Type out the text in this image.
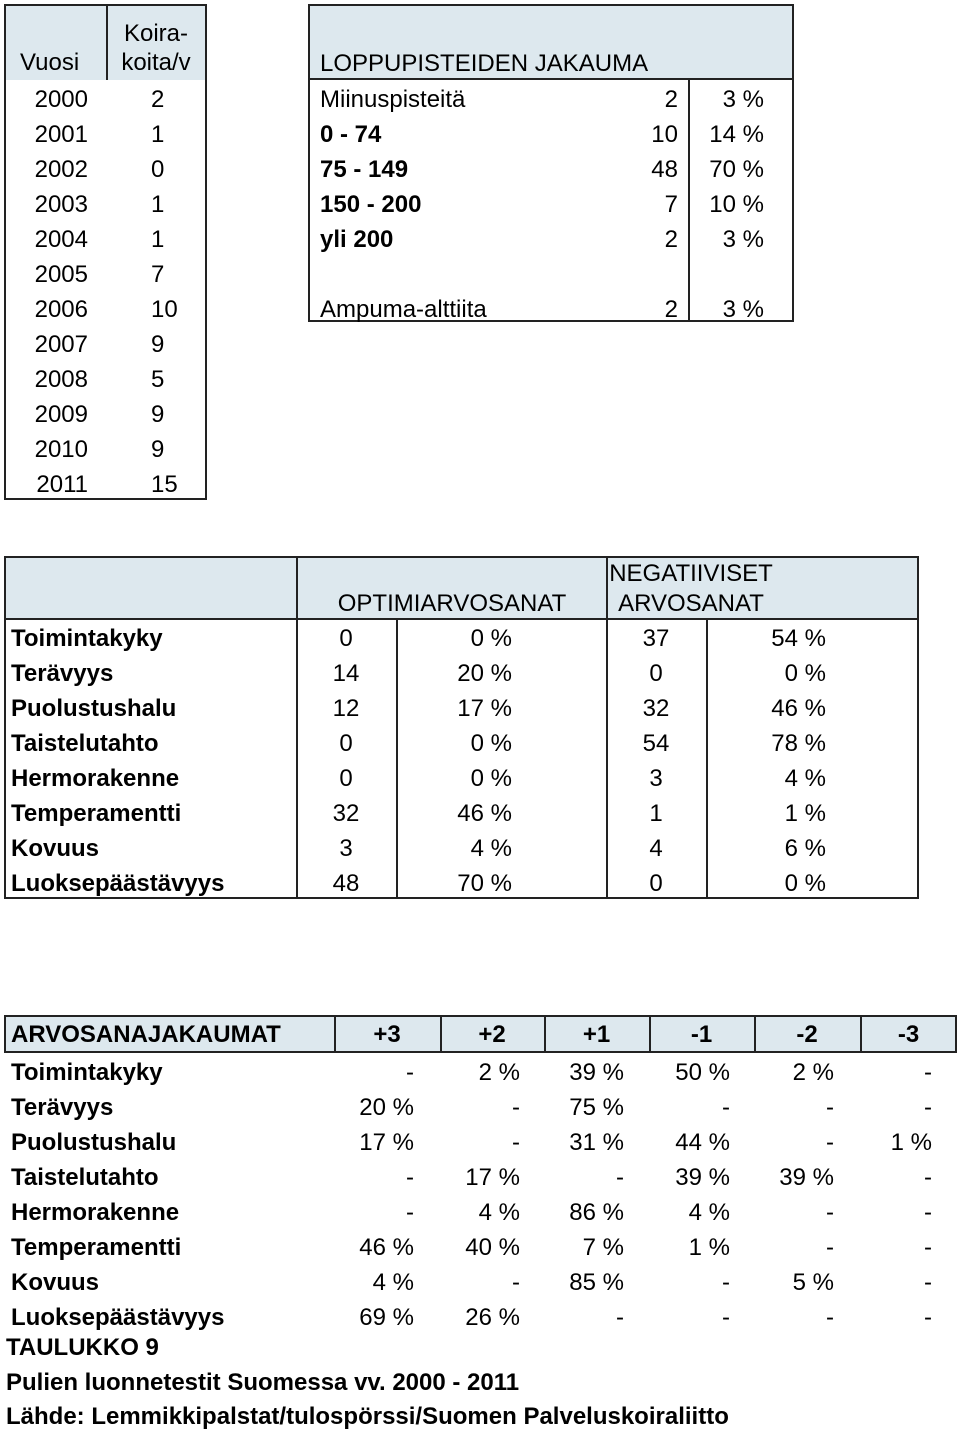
Vuosi
Koira-
koita/v
2000	2
2001	1
2002	0
2003	1
2004	1
2005	7
2006	10
2007	9
2008	5
2009	9
2010	9
2011	15
LOPPUPISTEIDEN JAKAUMA
Miinuspisteitä	2	3 %
0 - 74	10	14 %
75 - 149	48	70 %
150 - 200	7	10 %
yli 200	2	3 %
Ampuma-alttiita	2	3 %
OPTIMIARVOSANAT
NEGATIIVISET
ARVOSANAT
Toimintakyky	0	0 %	37	54 %
Terävyys	14	20 %	0	0 %
Puolustushalu	12	17 %	32	46 %
Taistelutahto	0	0 %	54	78 %
Hermorakenne	0	0 %	3	4 %
Temperamentti	32	46 %	1	1 %
Kovuus	3	4 %	4	6 %
Luoksepäästävyys	48	70 %	0	0 %
ARVOSANAJAKAUMAT	+3	+2	+1	-1	-2	-3
Toimintakyky	-	2 %	39 %	50 %	2 %	-
Terävyys	20 %	-	75 %	-	-	-
Puolustushalu	17 %	-	31 %	44 %	-	1 %
Taistelutahto	-	17 %	-	39 %	39 %	-
Hermorakenne	-	4 %	86 %	4 %	-	-
Temperamentti	46 %	40 %	7 %	1 %	-	-
Kovuus	4 %	-	85 %	-	5 %	-
Luoksepäästävyys	69 %	26 %	-	-	-	-
TAULUKKO 9
Pulien luonnetestit Suomessa vv. 2000 - 2011
Lähde: Lemmikkipalstat/tulospörssi/Suomen Palveluskoiraliitto
